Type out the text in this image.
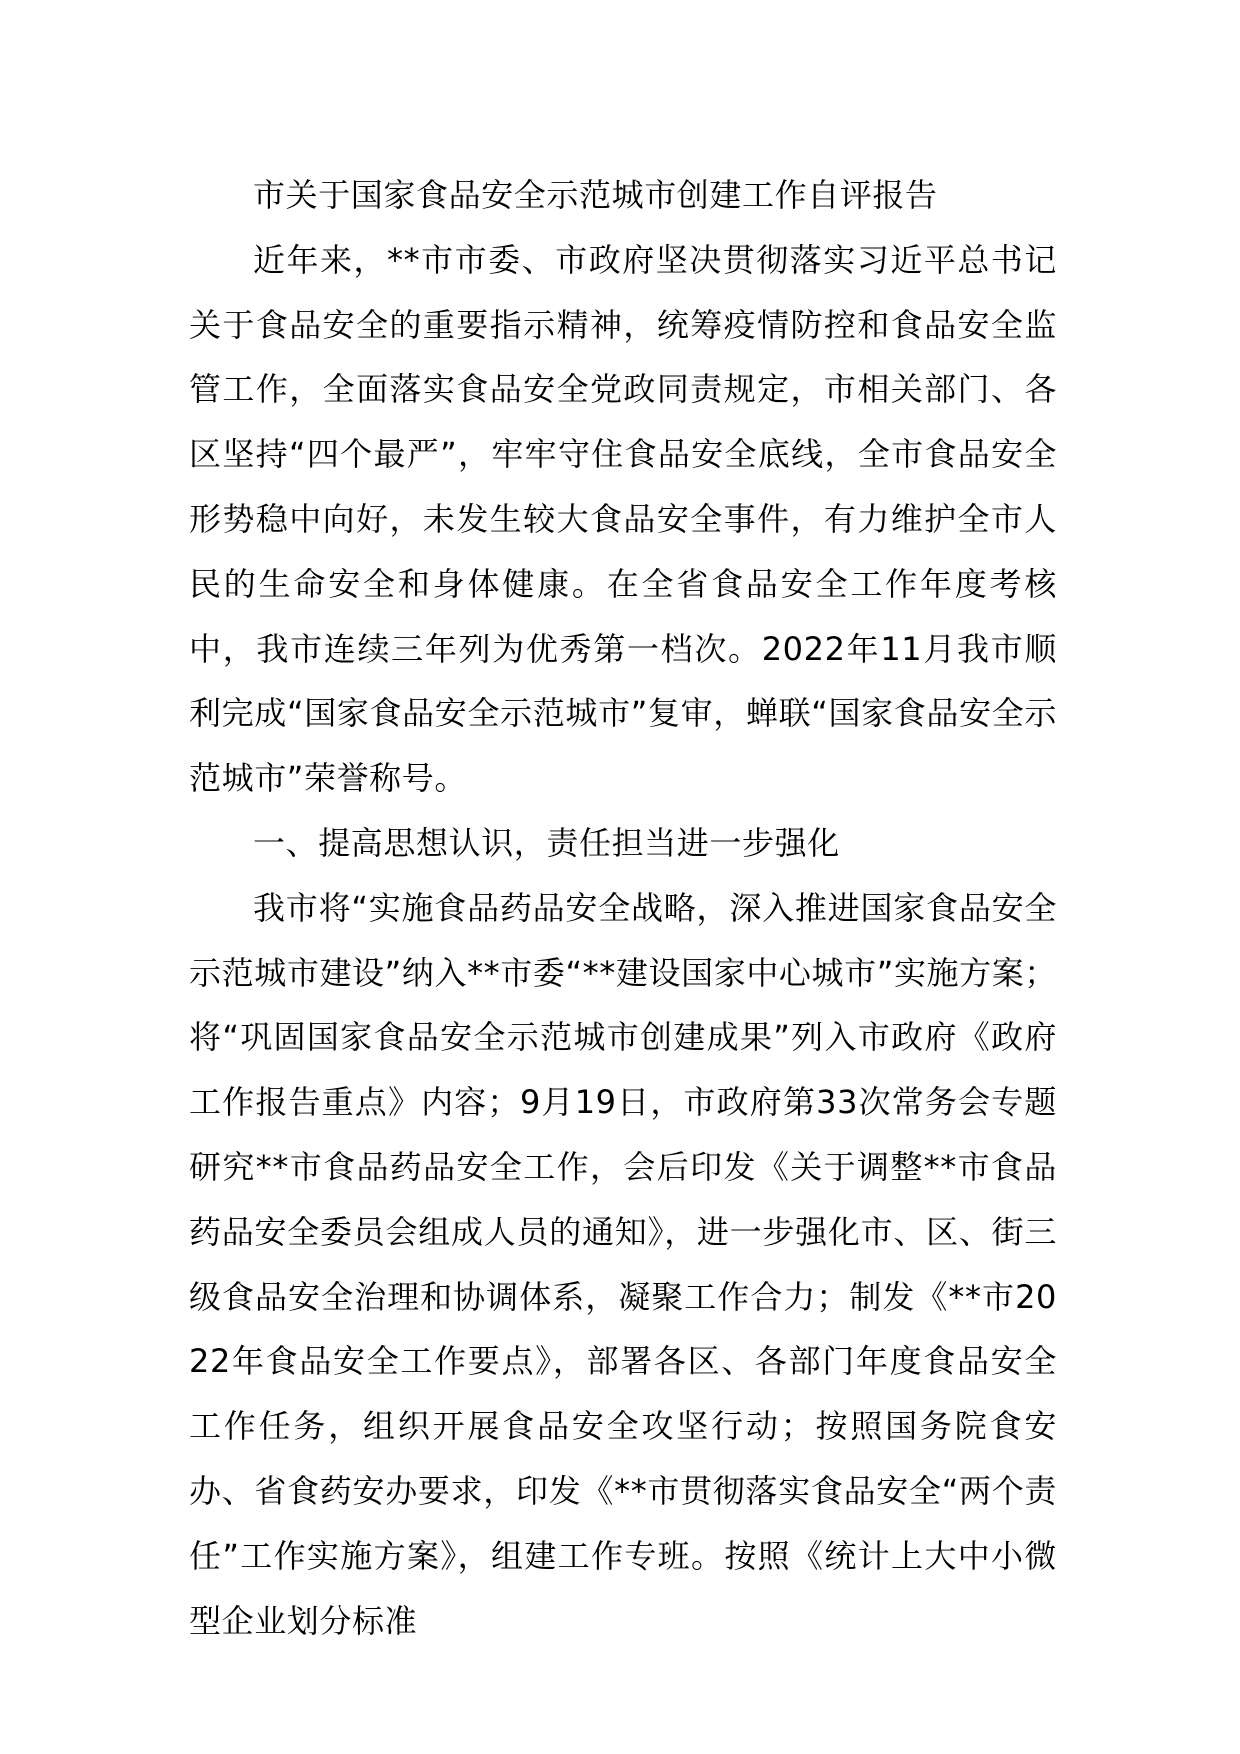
市关于国家食品安全示范城市创建工作自评报告

近年来，**市市委、市政府坚决贯彻落实习近平总书记关于食品安全的重要指示精神，统筹疫情防控和食品安全监管工作，全面落实食品安全党政同责规定，市相关部门、各区坚持“四个最严”，牢牢守住食品安全底线，全市食品安全形势稳中向好，未发生较大食品安全事件，有力维护全市人民的生命安全和身体健康。在全省食品安全工作年度考核中，我市连续三年列为优秀第一档次。2022年11月我市顺利完成“国家食品安全示范城市”复审，蝉联“国家食品安全示范城市”荣誉称号。

一、提高思想认识，责任担当进一步强化

我市将“实施食品药品安全战略，深入推进国家食品安全示范城市建设”纳入**市委“**建设国家中心城市”实施方案；将“巩固国家食品安全示范城市创建成果”列入市政府《政府工作报告重点》内容；9月19日，市政府第33次常务会专题研究**市食品药品安全工作，会后印发《关于调整**市食品药品安全委员会组成人员的通知》，进一步强化市、区、街三级食品安全治理和协调体系，凝聚工作合力；制发《**市2022年食品安全工作要点》，部署各区、各部门年度食品安全工作任务，组织开展食品安全攻坚行动；按照国务院食安办、省食药安办要求，印发《**市贯彻落实食品安全“两个责任”工作实施方案》，组建工作专班。按照《统计上大中小微型企业划分标准
